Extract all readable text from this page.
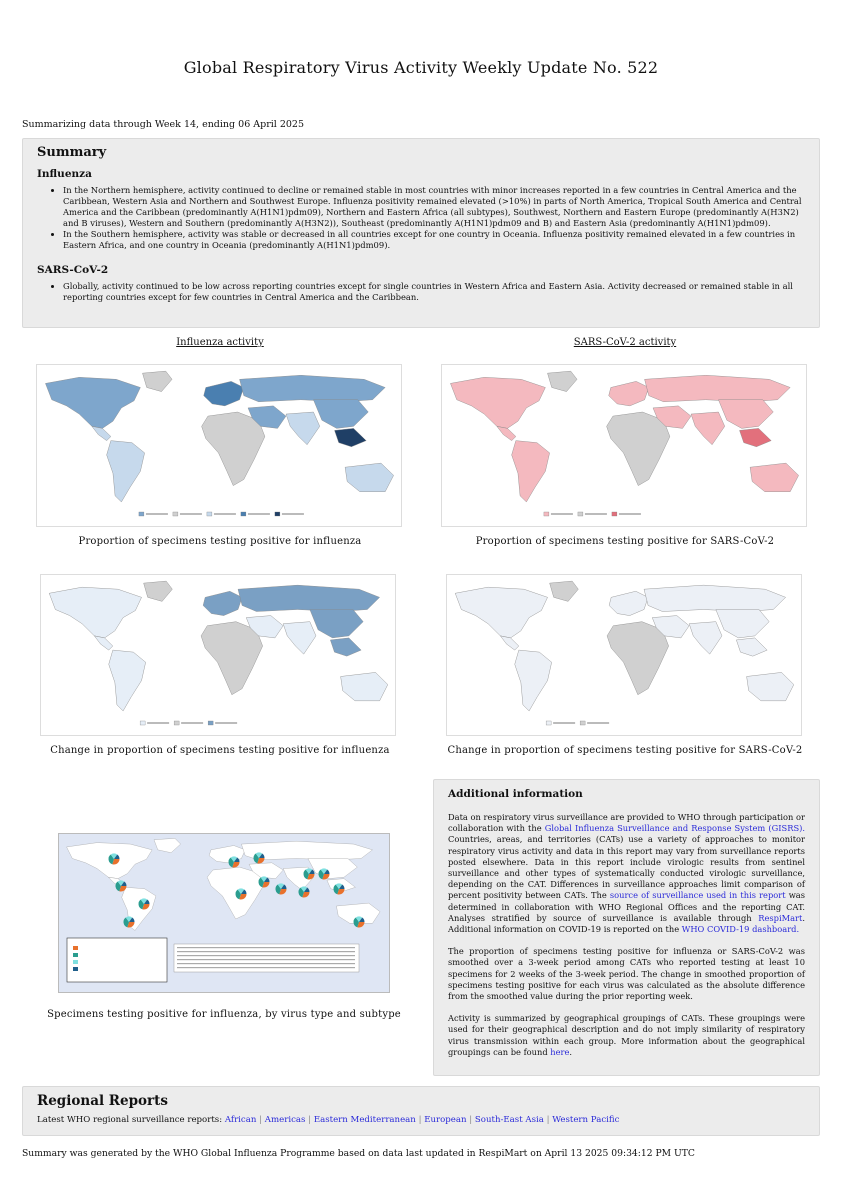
Global Respiratory Virus Activity Weekly Update No. 522
Summarizing data through Week 14, ending 06 April 2025
Summary
Influenza
• In the Northern hemisphere, activity continued to decline or remained stable in most countries with minor increases reported in a few countries in Central America and the Caribbean, Western Asia and Northern and Southwest Europe. Influenza positivity remained elevated (>10%) in parts of North America, Tropical South America and Central America and the Caribbean (predominantly A(H1N1)pdm09), Northern and Eastern Africa (all subtypes), Southwest, Northern and Eastern Europe (predominantly A(H3N2) and B viruses), Western and Southern (predominantly A(H3N2)), Southeast (predominantly A(H1N1)pdm09 and B) and Eastern Asia (predominantly A(H1N1)pdm09).
• In the Southern hemisphere, activity was stable or decreased in all countries except for one country in Oceania. Influenza positivity remained elevated in a few countries in Eastern Africa, and one country in Oceania (predominantly A(H1N1)pdm09).
SARS-CoV-2
• Globally, activity continued to be low across reporting countries except for single countries in Western Africa and Eastern Asia. Activity decreased or remained stable in all reporting countries except for few countries in Central America and the Caribbean.
Influenza activity	SARS-CoV-2 activity
Proportion of specimens testing positive for influenza	Proportion of specimens testing positive for SARS-CoV-2
Change in proportion of specimens testing positive for influenza	Change in proportion of specimens testing positive for SARS-CoV-2
Specimens testing positive for influenza, by virus type and subtype
Additional information

Data on respiratory virus surveillance are provided to WHO through participation or collaboration with the Global Influenza Surveillance and Response System (GISRS). Countries, areas, and territories (CATs) use a variety of approaches to monitor respiratory virus activity and data in this report may vary from surveillance reports posted elsewhere. Data in this report include virologic results from sentinel surveillance and other types of systematically conducted virologic surveillance, depending on the CAT. Differences in surveillance approaches limit comparison of percent positivity between CATs. The source of surveillance used in this report was determined in collaboration with WHO Regional Offices and the reporting CAT. Analyses stratified by source of surveillance is available through RespiMart. Additional information on COVID-19 is reported on the WHO COVID-19 dashboard.

The proportion of specimens testing positive for influenza or SARS-CoV-2 was smoothed over a 3-week period among CATs who reported testing at least 10 specimens for 2 weeks of the 3-week period. The change in smoothed proportion of specimens testing positive for each virus was calculated as the absolute difference from the smoothed value during the prior reporting week.

Activity is summarized by geographical groupings of CATs. These groupings were used for their geographical description and do not imply similarity of respiratory virus transmission within each group. More information about the geographical groupings can be found here.

Regional Reports
Latest WHO regional surveillance reports: African | Americas | Eastern Mediterranean | European | South-East Asia | Western Pacific
Summary was generated by the WHO Global Influenza Programme based on data last updated in RespiMart on April 13 2025 09:34:12 PM UTC
